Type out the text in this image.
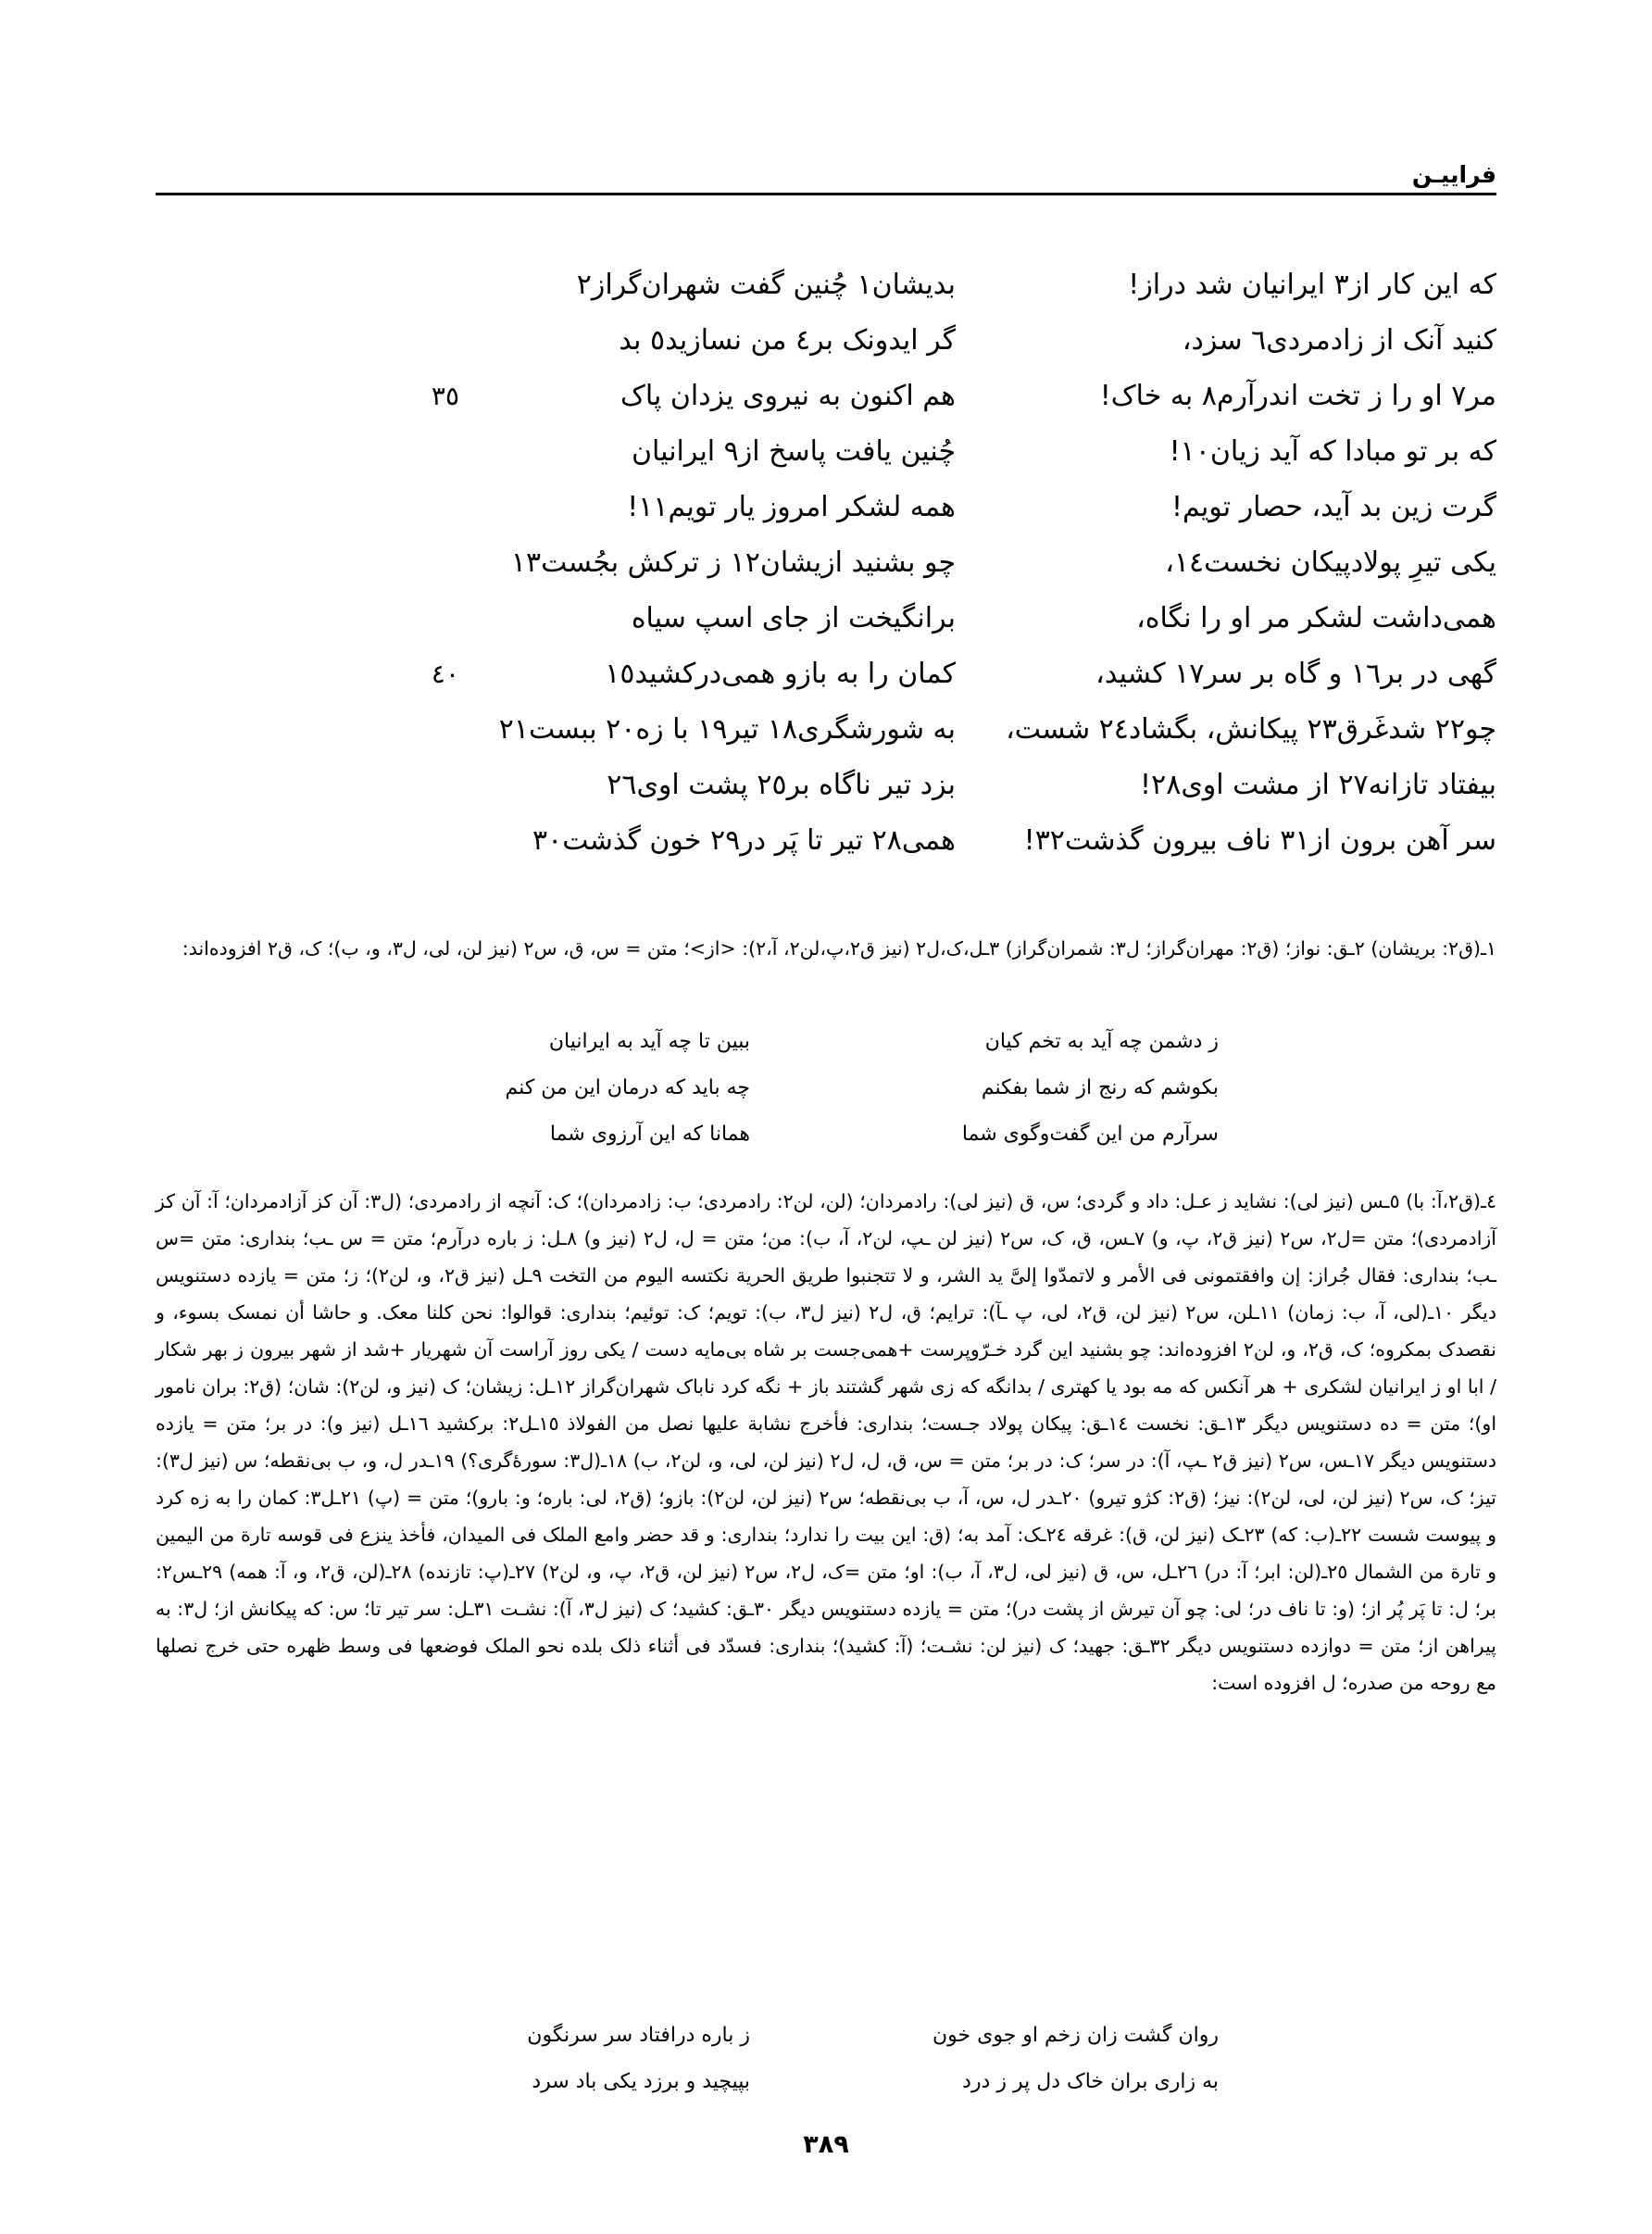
فراییـن
که این کار از٣ ایرانیان شد دراز!
بدیشان١ چُنین گفت شهران‌گراز٢
کنید آنک از زادمردی٦ سزد،
گر ایدونک بر٤ من نسازید٥ بد
مر٧ او را ز تخت اندرآرم٨ به خاک!
هم اکنون به نیروی یزدان پاک
٣٥
که بر تو مبادا که آید زیان١٠!
چُنین یافت پاسخ از٩ ایرانیان
گرت زین بد آید، حصار تویم!
همه لشکر امروز یار تویم١١!
یکی تیرِ پولادپیکان نخست١٤،
چو بشنید ازیشان١٢ ز ترکش بجُست١٣
همی‌داشت لشکر مر او را نگاه،
برانگیخت از جای اسپ سیاه
گهی در بر١٦ و گاه بر سر١٧ کشید،
کمان را به بازو همی‌درکشید١٥
٤٠
چو٢٢ شدغَرق٢٣ پیکانش، بگشاد٢٤ شست،
به شورشگری١٨ تیر١٩ با زه٢٠ ببست٢١
بیفتاد تازانه٢٧ از مشت اوی٢٨!
بزد تیر ناگاه بر٢٥ پشت اوی٢٦
سر آهن برون از٣١ ناف بیرون گذشت٣٢!
همی٢٨ تیر تا پَر در٢٩ خون گذشت٣٠

١ـ(ق٢: بریشان) ٢ـق: نواز؛ (ق٢: مهران‌گراز؛ ل٣: شمران‌گراز) ٣ـل،ک،ل٢ (نیز ق٢،پ،لن٢، آ،٢): <از>؛ متن = س، ق، س٢ (نیز لن، لی، ل٣، و، ب)؛ ک، ق٢ افزوده‌اند:

ز دشمن چه آید به تخم کیان
ببین تا چه آید به ایرانیان
بکوشم که رنج از شما بفکنم
چه باید که درمان این من کنم
سرآرم من این گفت‌وگوی شما
همانا که این آرزوی شما

٤ـ(ق٢،آ: با) ٥ـس (نیز لی): نشاید ز عـل: داد و گردی؛ س، ق (نیز لی): رادمردان؛ (لن، لن٢: رادمردی؛ ب: زادمردان)؛ ک: آنچه از رادمردی؛ (ل٣: آن کز آزادمردان؛ آ: آن کز آزادمردی)؛ متن =ل٢، س٢ (نیز ق٢، پ، و) ٧ـس، ق، ک، س٢ (نیز لن ـپ، لن٢، آ، ب): من؛ متن = ل، ل٢ (نیز و) ٨ـل: ز باره درآرم؛ متن = س ـب؛ بنداری: متن =س ـب؛ بنداری: فقال جُراز: إن وافقتمونی فی الأمر و لاتمدّوا إلیَّ ید الشر، و لا تتجنبوا طریق الحریة نکتسه الیوم من التخت ٩ـل (نیز ق٢، و، لن٢)؛ ز؛ متن = یازده دستنویس دیگر ١٠ـ(لی، آ، ب: زمان) ١١ـلن، س٢ (نیز لن، ق٢، لی، پ ـآ): ترایم؛ ق، ل٢ (نیز ل٣، ب): تویم؛ ک: توئیم؛ بنداری: قوالوا: نحن کلنا معک. و حاشا أن نمسک بسوء، و نقصدک بمکروه؛ ک، ق٢، و، لن٢ افزوده‌اند: چو بشنید این گرد خـرّوپرست +همی‌جست بر شاه بی‌مایه دست / یکی روز آراست آن شهریار +شد از شهر بیرون ز بهر شکار / ابا او ز ایرانیان لشکری + هر آنکس که مه بود یا کهتری / بدانگه که زی شهر گشتند باز + نگه کرد ناباک شهران‌گراز ١٢ـل: زیشان؛ ک (نیز و، لن٢): شان؛ (ق٢: بران نامور او)؛ متن = ده دستنویس دیگر ١٣ـق: نخست ١٤ـق: پیکان پولاد جـست؛ بنداری: فأخرج نشابة علیها نصل من الفولاذ ١٥ـل٢: برکشید ١٦ـل (نیز و): در بر؛ متن = یازده دستنویس دیگر ١٧ـس، س٢ (نیز ق٢ ـپ، آ): در سر؛ ک: در بر؛ متن = س، ق، ل، ل٢ (نیز لن، لی، و، لن٢، ب) ١٨ـ(ل٣: سورۀگری؟) ١٩ـدر ل، و، ب بی‌نقطه؛ س (نیز ل٣): تیز؛ ک، س٢ (نیز لن، لی، لن٢): نیز؛ (ق٢: کژو تیرو) ٢٠ـدر ل، س، آ، ب بی‌نقطه؛ س٢ (نیز لن، لن٢): بازو؛ (ق٢، لی: باره؛ و: بارو)؛ متن = (پ) ٢١ـل٣: کمان را به زه کرد و پیوست شست ٢٢ـ(ب: که) ٢٣ـک (نیز لن، ق): غرقه ٢٤ـک: آمد به؛ (ق: این بیت را ندارد؛ بنداری: و قد حضر وامع الملک فی المیدان، فأخذ ینزع فی قوسه تارة من الیمین و تارة من الشمال ٢٥ـ(لن: ابر؛ آ: در) ٢٦ـل، س، ق (نیز لی، ل٣، آ، ب): او؛ متن =ک، ل٢، س٢ (نیز لن، ق٢، پ، و، لن٢) ٢٧ـ(پ: تازنده) ٢٨ـ(لن، ق٢، و، آ: همه) ٢٩ـس٢: بر؛ ل: تا پَر پُر از؛ (و: تا ناف در؛ لی: چو آن تیرش از پشت در)؛ متن = یازده دستنویس دیگر ٣٠ـق: کشید؛ ک (نیز ل٣، آ): نشـت ٣١ـل: سر تیر تا؛ س: که پیکانش از؛ ل٣: به پیراهن از؛ متن = دوازده دستنویس دیگر ٣٢ـق: جهید؛ ک (نیز لن: نشـت؛ (آ: کشید)؛ بنداری: فسدّد فی أثناء ذلک بلده نحو الملک فوضعها فی وسط ظهره حتی خرج نصلها مع روحه من صدره؛ ل افزوده است:

روان گشت زان زخم او جوی خون
ز باره درافتاد سر سرنگون
به زاری بران خاک دل پر ز درد
بپیچید و برزد یکی باد سرد
٣٨٩
